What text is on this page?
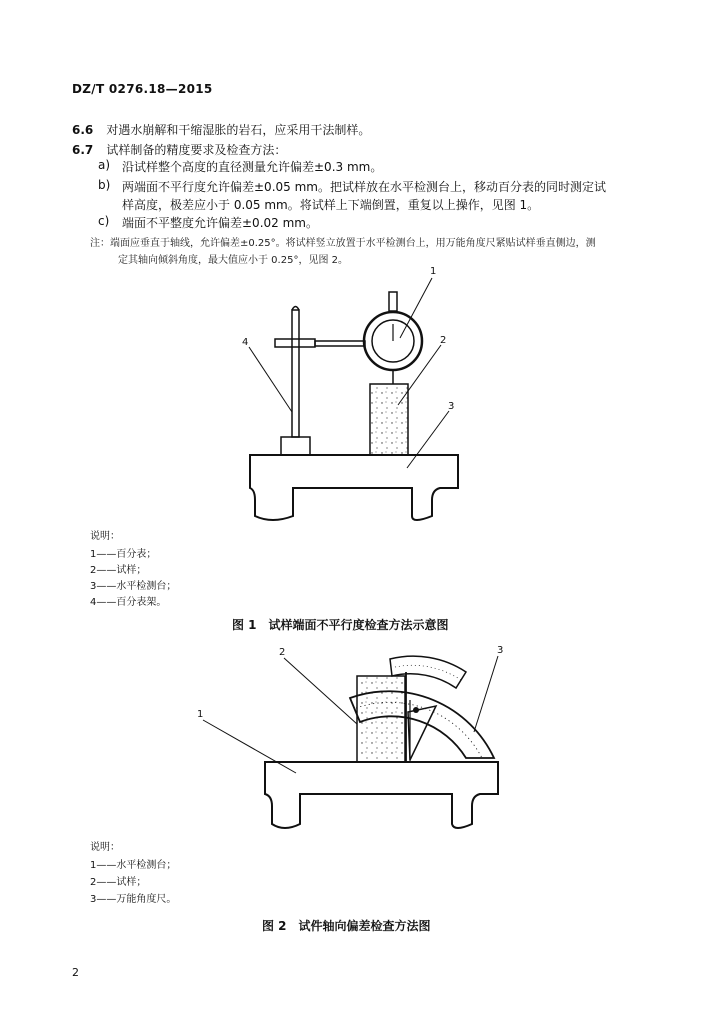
DZ/T 0276.18—2015
6.6 对遇水崩解和干缩湿胀的岩石，应采用干法制样。
6.7 试样制备的精度要求及检查方法：
a) 沿试样整个高度的直径测量允许偏差±0.3 mm。
b) 两端面不平行度允许偏差±0.05 mm。把试样放在水平检测台上，移动百分表的同时测定试
样高度，极差应小于 0.05 mm。将试样上下端倒置，重复以上操作，见图 1。
c) 端面不平整度允许偏差±0.02 mm。
注：端面应垂直于轴线，允许偏差±0.25°。将试样竖立放置于水平检测台上，用万能角度尺紧贴试样垂直侧边，测
定其轴向倾斜角度，最大值应小于 0.25°，见图 2。
1
2
3
4
说明：
1——百分表；
2——试样；
3——水平检测台；
4——百分表架。
图 1　试样端面不平行度检查方法示意图
1
2	3
说明：
1——水平检测台；
2——试样；
3——万能角度尺。
图 2　试件轴向偏差检查方法图
2
